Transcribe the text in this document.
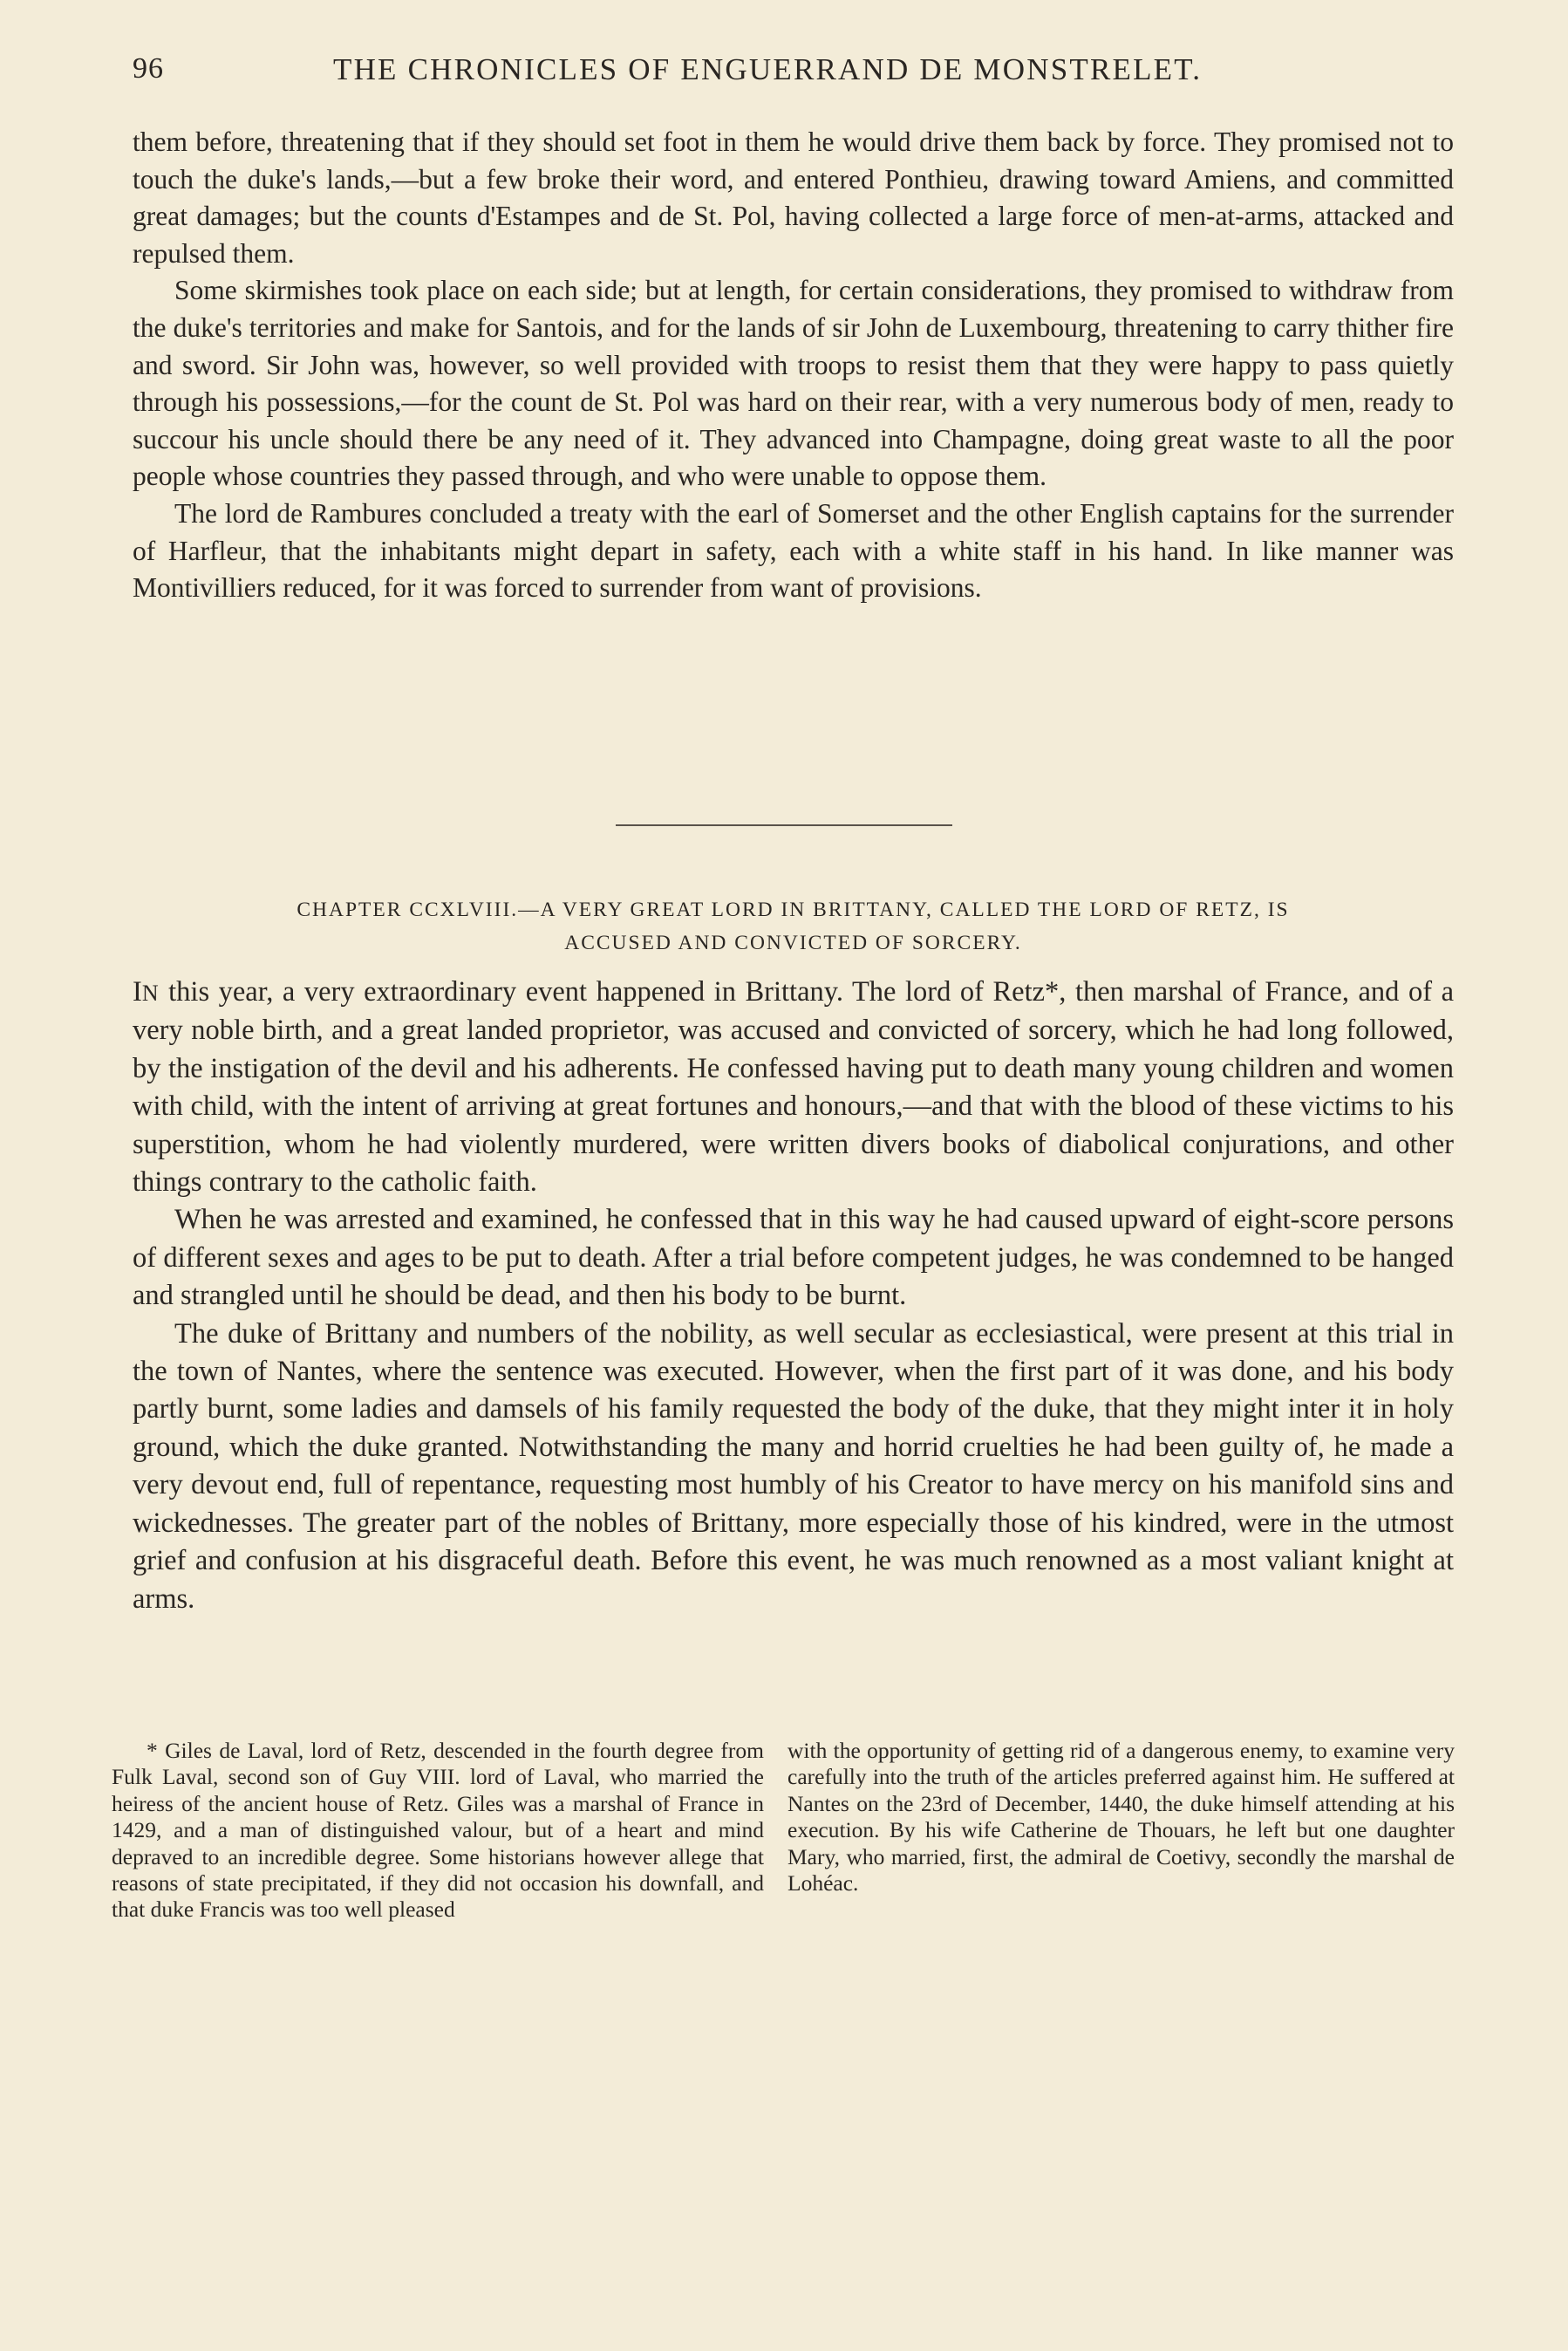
96	THE CHRONICLES OF ENGUERRAND DE MONSTRELET.

them before, threatening that if they should set foot in them he would drive them back by force. They promised not to touch the duke's lands,—but a few broke their word, and entered Ponthieu, drawing toward Amiens, and committed great damages; but the counts d'Estampes and de St. Pol, having collected a large force of men-at-arms, attacked and repulsed them.

Some skirmishes took place on each side; but at length, for certain considerations, they promised to withdraw from the duke's territories and make for Santois, and for the lands of sir John de Luxembourg, threatening to carry thither fire and sword. Sir John was, however, so well provided with troops to resist them that they were happy to pass quietly through his possessions,—for the count de St. Pol was hard on their rear, with a very numerous body of men, ready to succour his uncle should there be any need of it. They advanced into Champagne, doing great waste to all the poor people whose countries they passed through, and who were unable to oppose them.

The lord de Rambures concluded a treaty with the earl of Somerset and the other English captains for the surrender of Harfleur, that the inhabitants might depart in safety, each with a white staff in his hand. In like manner was Montivilliers reduced, for it was forced to surrender from want of provisions.

CHAPTER CCXLVIII.—A VERY GREAT LORD IN BRITTANY, CALLED THE LORD OF RETZ, IS
ACCUSED AND CONVICTED OF SORCERY.

IN this year, a very extraordinary event happened in Brittany. The lord of Retz*, then marshal of France, and of a very noble birth, and a great landed proprietor, was accused and convicted of sorcery, which he had long followed, by the instigation of the devil and his adherents. He confessed having put to death many young children and women with child, with the intent of arriving at great fortunes and honours,—and that with the blood of these victims to his superstition, whom he had violently murdered, were written divers books of diabolical conjurations, and other things contrary to the catholic faith.

When he was arrested and examined, he confessed that in this way he had caused upward of eight-score persons of different sexes and ages to be put to death. After a trial before competent judges, he was condemned to be hanged and strangled until he should be dead, and then his body to be burnt.

The duke of Brittany and numbers of the nobility, as well secular as ecclesiastical, were present at this trial in the town of Nantes, where the sentence was executed. However, when the first part of it was done, and his body partly burnt, some ladies and damsels of his family requested the body of the duke, that they might inter it in holy ground, which the duke granted. Notwithstanding the many and horrid cruelties he had been guilty of, he made a very devout end, full of repentance, requesting most humbly of his Creator to have mercy on his manifold sins and wickednesses. The greater part of the nobles of Brittany, more especially those of his kindred, were in the utmost grief and confusion at his disgraceful death. Before this event, he was much renowned as a most valiant knight at arms.

* Giles de Laval, lord of Retz, descended in the fourth degree from Fulk Laval, second son of Guy VIII. lord of Laval, who married the heiress of the ancient house of Retz. Giles was a marshal of France in 1429, and a man of distinguished valour, but of a heart and mind depraved to an incredible degree. Some historians however allege that reasons of state precipitated, if they did not occasion his downfall, and that duke Francis was too well pleased
with the opportunity of getting rid of a dangerous enemy, to examine very carefully into the truth of the articles preferred against him. He suffered at Nantes on the 23rd of December, 1440, the duke himself attending at his execution. By his wife Catherine de Thouars, he left but one daughter Mary, who married, first, the admiral de Coetivy, secondly the marshal de Lohéac.
